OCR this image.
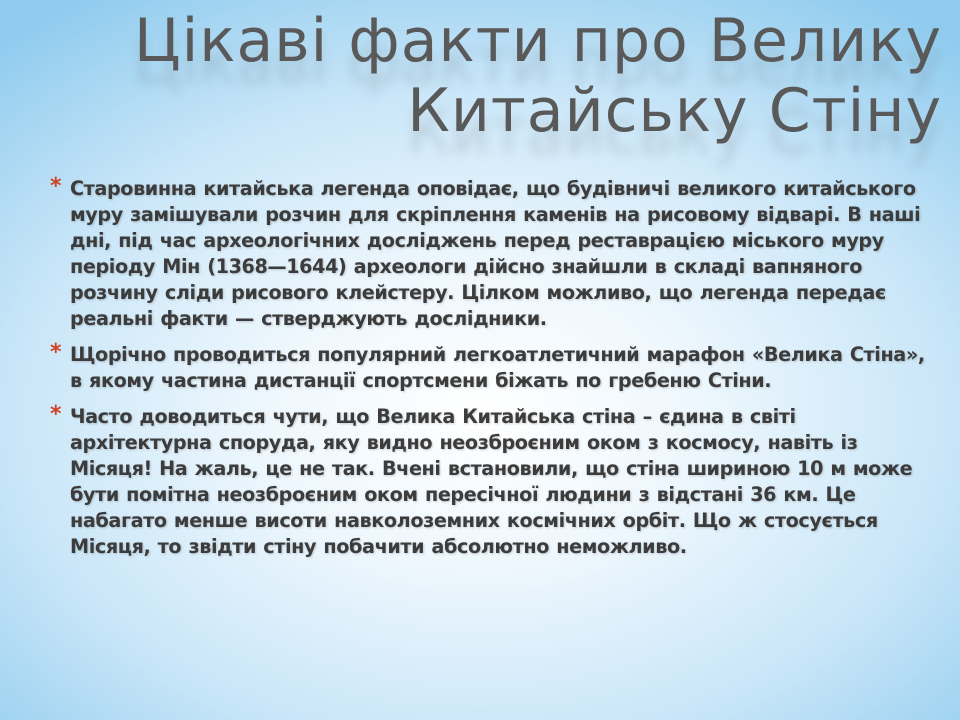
Цікаві факти про Велику Китайську Стіну
* Старовинна китайська легенда оповідає, що будівничі великого китайського муру замішували розчин для скріплення каменів на рисовому відварі. В наші дні, під час археологічних досліджень перед реставрацією міського муру періоду Мін (1368—1644) археологи дійсно знайшли в складі вапняного розчину сліди рисового клейстеру. Цілком можливо, що легенда передає реальні факти — стверджують дослідники.

* Щорічно проводиться популярний легкоатлетичний марафон «Велика Стіна», в якому частина дистанції спортсмени біжать по гребеню Стіни.

* Часто доводиться чути, що Велика Китайська стіна – єдина в світі архітектурна споруда, яку видно неозброєним оком з космосу, навіть із Місяця! На жаль, це не так. Вчені встановили, що стіна шириною 10 м може бути помітна неозброєним оком пересічної людини з відстані 36 км. Це набагато менше висоти навколоземних космічних орбіт. Що ж стосується Місяця, то звідти стіну побачити абсолютно неможливо.
